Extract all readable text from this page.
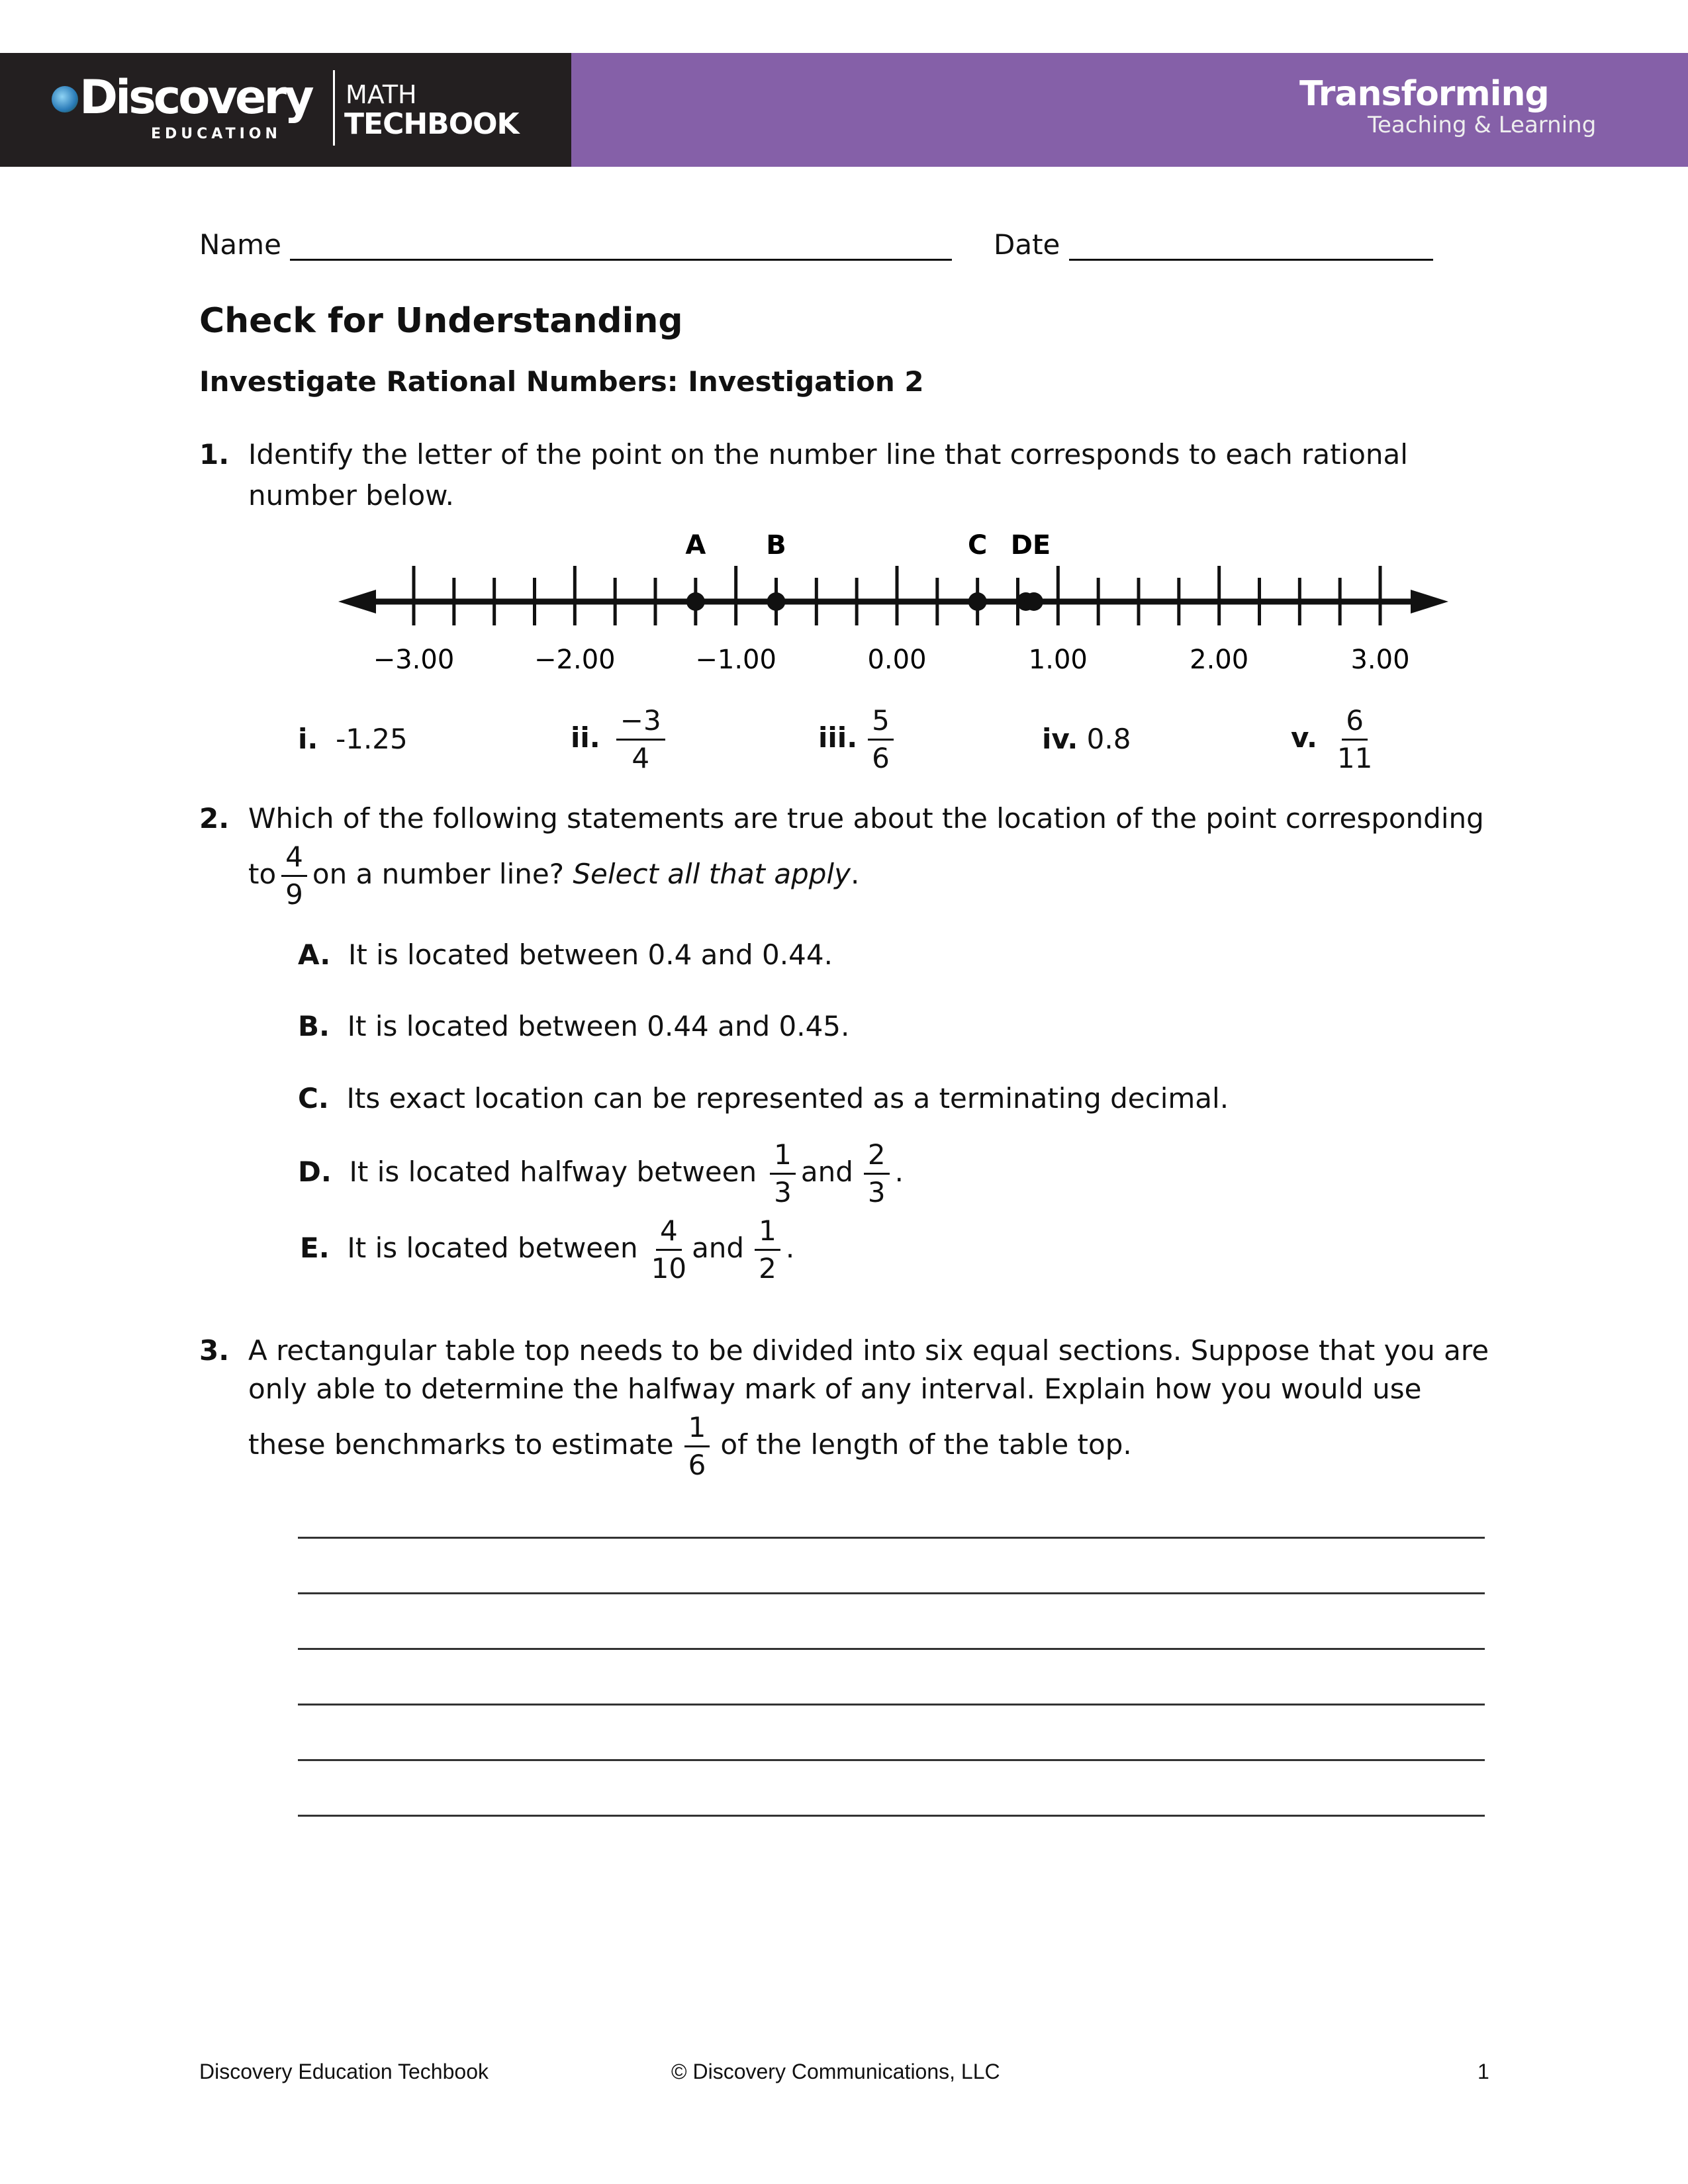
Discovery
EDUCATION
MATH
TECHBOOK
Transforming
Teaching & Learning
Name	Date
Check for Understanding
Investigate Rational Numbers: Investigation 2
1. Identify the letter of the point on the number line that corresponds to each rational
number below.
−3.00	−2.00	−1.00	0.00	1.00	2.00	3.00
A B	C DE
i. -1.25	ii. $\frac{-3}{4}$	iii. $\frac{5}{6}$	iv. 0.8	v. $\frac{6}{11}$
2. Which of the following statements are true about the location of the point corresponding
to $\frac{4}{9}$ on a number line? Select all that apply.
A. It is located between 0.4 and 0.44.
B. It is located between 0.44 and 0.45.
C. Its exact location can be represented as a terminating decimal.
D. It is located halfway between $\frac{1}{3}$ and $\frac{2}{3}$ .
E. It is located between $\frac{4}{10}$ and $\frac{1}{2}$ .
3. A rectangular table top needs to be divided into six equal sections. Suppose that you are
only able to determine the halfway mark of any interval. Explain how you would use
these benchmarks to estimate $\frac{1}{6}$ of the length of the table top.
Discovery Education Techbook	© Discovery Communications, LLC	1
